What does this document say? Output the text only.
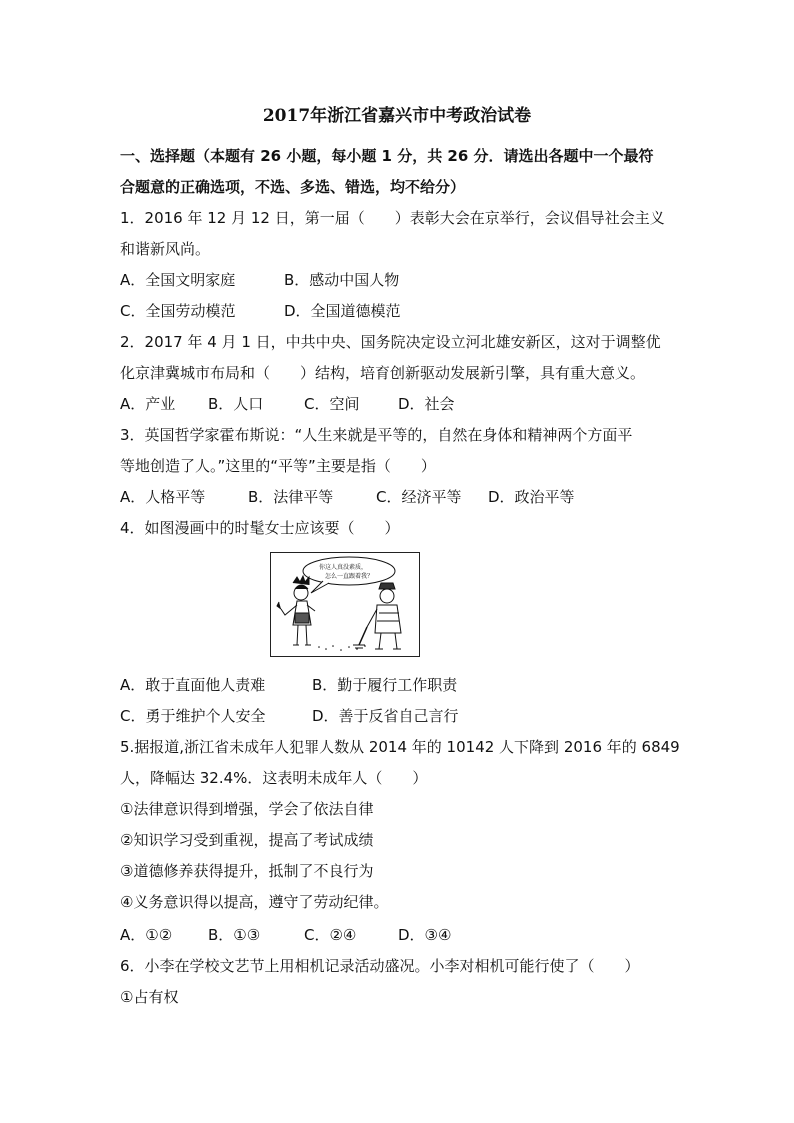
2017年浙江省嘉兴市中考政治试卷
一、选择题（本题有 26 小题，每小题 1 分，共 26 分．请选出各题中一个最符
合题意的正确选项，不选、多选、错选，均不给分）
1．2016 年 12 月 12 日，第一届（　　）表彰大会在京举行，会议倡导社会主义
和谐新风尚。
A．全国文明家庭	B．感动中国人物
C．全国劳动模范	D．全国道德模范
2．2017 年 4 月 1 日，中共中央、国务院决定设立河北雄安新区，这对于调整优
化京津冀城市布局和（　　）结构，培育创新驱动发展新引擎，具有重大意义。
A．产业 B．人口	C．空间	D．社会
3．英国哲学家霍布斯说：“人生来就是平等的，自然在身体和精神两个方面平
等地创造了人。”这里的“平等”主要是指（　　）
A．人格平等	B．法律平等	C．经济平等 D．政治平等
4．如图漫画中的时髦女士应该要（　　）
你这人真没素质，
怎么一直跟着我？
A．敢于直面他人责难	B．勤于履行工作职责
C．勇于维护个人安全	D．善于反省自己言行
5.据报道,浙江省未成年人犯罪人数从 2014 年的 10142 人下降到 2016 年的 6849
人，降幅达 32.4%．这表明未成年人（　　）
①法律意识得到增强，学会了依法自律
②知识学习受到重视，提高了考试成绩
③道德修养获得提升，抵制了不良行为
④义务意识得以提高，遵守了劳动纪律。
A．①② B．①③	C．②④	D．③④
6．小李在学校文艺节上用相机记录活动盛况。小李对相机可能行使了（　　）
①占有权
